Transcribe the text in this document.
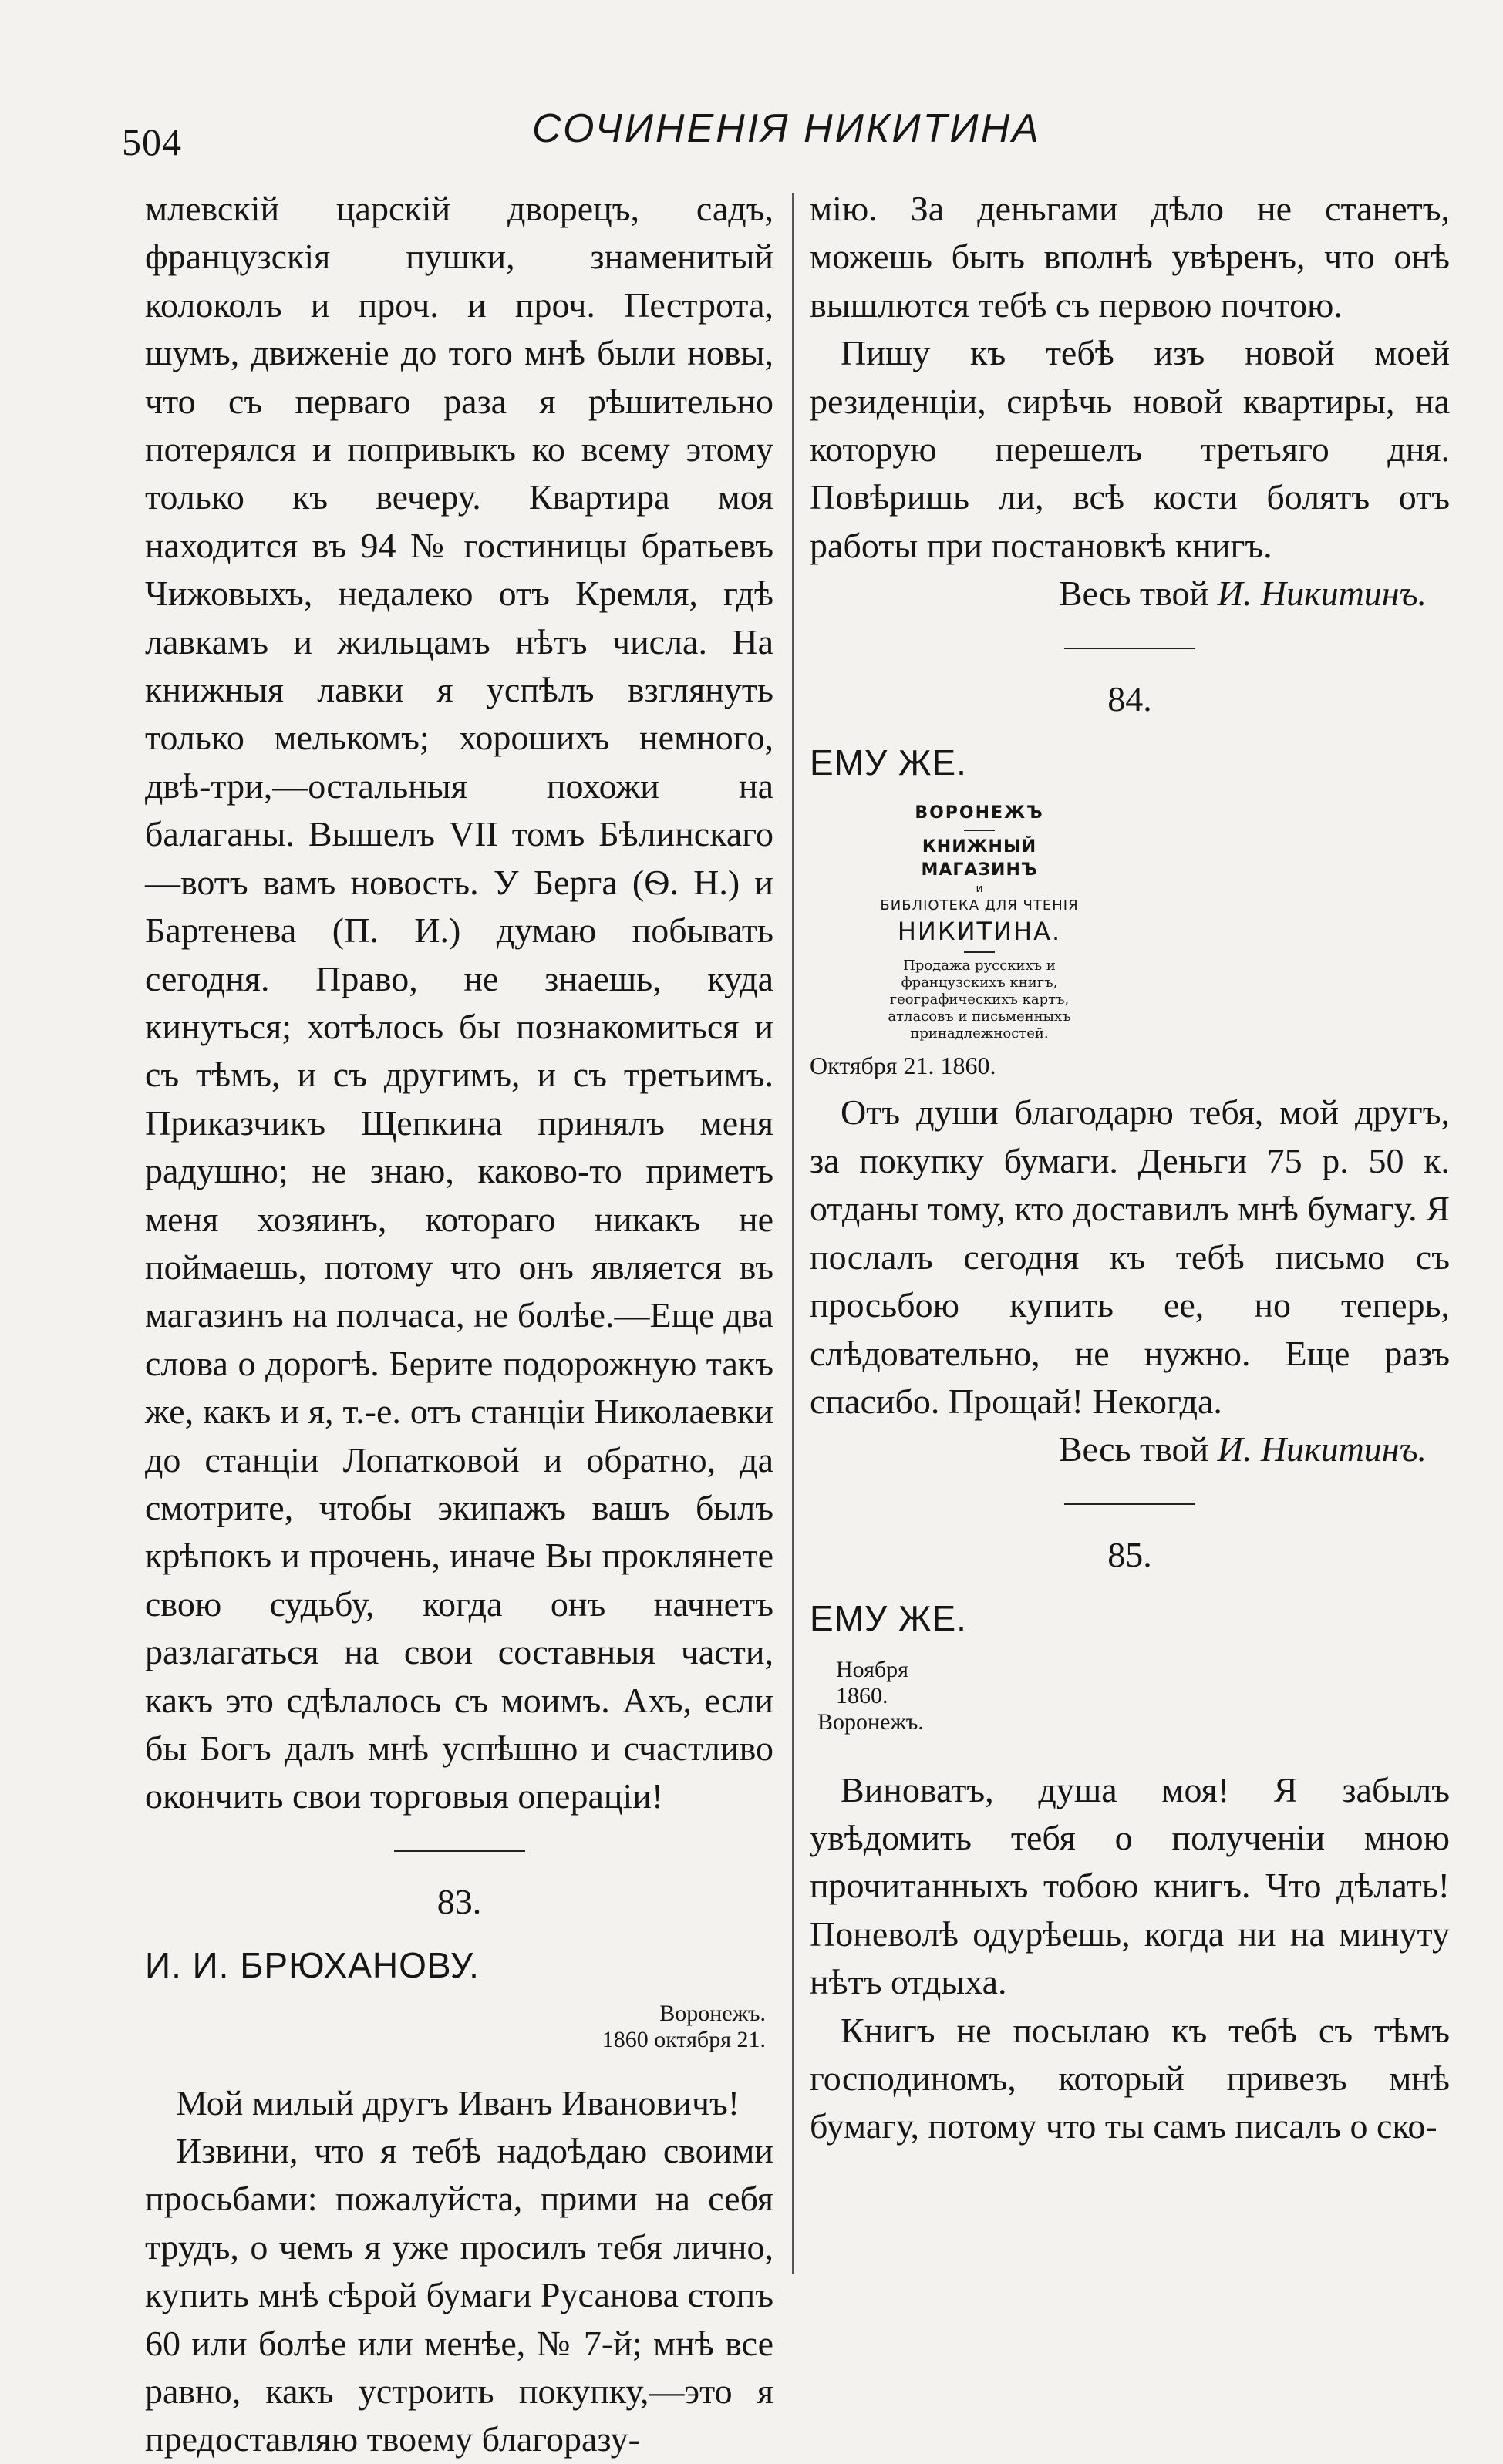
504	СОЧИНЕНІЯ НИКИТИНА

млевскій царскій дворецъ, садъ, французскія пушки, знаменитый колоколъ и проч. и проч. Пестрота, шумъ, движеніе до того мнѣ были новы, что съ перваго раза я рѣшительно потерялся и попривыкъ ко всему этому только къ вечеру. Квартира моя находится въ 94 № гостиницы братьевъ Чижовыхъ, недалеко отъ Кремля, гдѣ лавкамъ и жильцамъ нѣтъ числа. На книжныя лавки я успѣлъ взглянуть только мелькомъ; хорошихъ немного, двѣ-три,—остальныя похожи на балаганы. Вышелъ VII томъ Бѣлинскаго—вотъ вамъ новость. У Берга (Ѳ. Н.) и Бартенева (П. И.) думаю побывать сегодня. Право, не знаешь, куда кинуться; хотѣлось бы познакомиться и съ тѣмъ, и съ другимъ, и съ третьимъ. Приказчикъ Щепкина принялъ меня радушно; не знаю, каково-то приметъ меня хозяинъ, котораго никакъ не поймаешь, потому что онъ является въ магазинъ на полчаса, не болѣе.—Еще два слова о дорогѣ. Берите подорожную такъ же, какъ и я, т.-е. отъ станціи Николаевки до станціи Лопатковой и обратно, да смотрите, чтобы экипажъ вашъ былъ крѣпокъ и прочень, иначе Вы проклянете свою судьбу, когда онъ начнетъ разлагаться на свои составныя части, какъ это сдѣлалось съ моимъ. Ахъ, если бы Богъ далъ мнѣ успѣшно и счастливо окончить свои торговыя операціи!

83.

И. И. БРЮХАНОВУ.

Воронежъ.
1860 октября 21.

Мой милый другъ Иванъ Ивановичъ!

Извини, что я тебѣ надоѣдаю своими просьбами: пожалуйста, прими на себя трудъ, о чемъ я уже просилъ тебя лично, купить мнѣ сѣрой бумаги Русанова стопъ 60 или болѣе или менѣе, № 7-й; мнѣ все равно, какъ устроить покупку,—это я предоставляю твоему благоразу-

мію. За деньгами дѣло не станетъ, можешь быть вполнѣ увѣренъ, что онѣ вышлются тебѣ съ первою почтою.

Пишу къ тебѣ изъ новой моей резиденціи, сирѣчь новой квартиры, на которую перешелъ третьяго дня. Повѣришь ли, всѣ кости болятъ отъ работы при постановкѣ книгъ.

Весь твой И. Никитинъ.

84.

ЕМУ ЖЕ.

ВОРОНЕЖЪ
КНИЖНЫЙ МАГАЗИНЪ
и
БИБЛІОТЕКА ДЛЯ ЧТЕНІЯ
НИКИТИНА.
Продажа русскихъ и французскихъ книгъ, географическихъ картъ, атласовъ и письменныхъ принадлежностей.
Октября 21. 1860.

Отъ души благодарю тебя, мой другъ, за покупку бумаги. Деньги 75 р. 50 к. отданы тому, кто доставилъ мнѣ бумагу. Я послалъ сегодня къ тебѣ письмо съ просьбою купить ее, но теперь, слѣдовательно, не нужно. Еще разъ спасибо. Прощай! Некогда.

Весь твой И. Никитинъ.

85.

ЕМУ ЖЕ.

Ноября
1860.
Воронежъ.

Виноватъ, душа моя! Я забылъ увѣдомить тебя о полученіи мною прочитанныхъ тобою книгъ. Что дѣлать! Поневолѣ одурѣешь, когда ни на минуту нѣтъ отдыха.

Книгъ не посылаю къ тебѣ съ тѣмъ господиномъ, который привезъ мнѣ бумагу, потому что ты самъ писалъ о ско-
